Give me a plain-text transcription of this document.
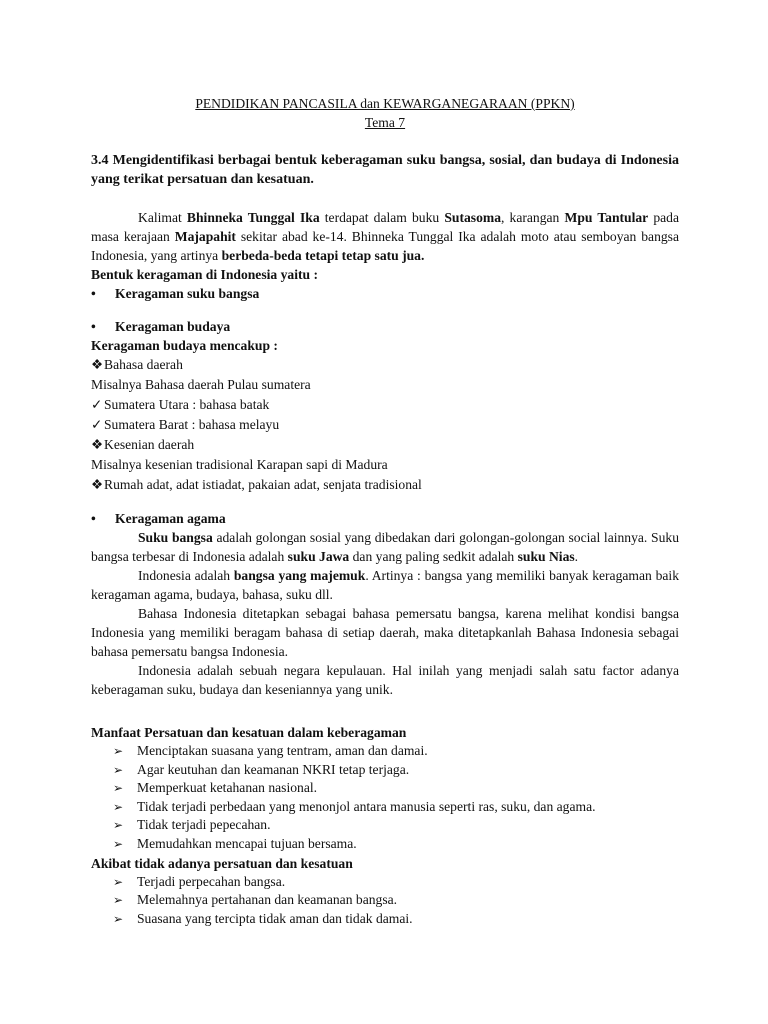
PENDIDIKAN PANCASILA dan KEWARGANEGARAAN (PPKN)

Tema 7

3.4 Mengidentifikasi berbagai bentuk keberagaman suku bangsa, sosial, dan budaya di Indonesia yang terikat persatuan dan kesatuan.

Kalimat Bhinneka Tunggal Ika terdapat dalam buku Sutasoma, karangan Mpu Tantular pada masa kerajaan Majapahit sekitar abad ke-14. Bhinneka Tunggal Ika adalah moto atau semboyan bangsa Indonesia, yang artinya berbeda-beda tetapi tetap satu jua.

Bentuk keragaman di Indonesia yaitu :

•	Keragaman suku bangsa
•	Keragaman budaya

Keragaman budaya mencakup :

❖ Bahasa daerah

Misalnya Bahasa daerah Pulau sumatera

✓ Sumatera Utara : bahasa batak
✓ Sumatera Barat : bahasa melayu
❖ Kesenian daerah

Misalnya kesenian tradisional Karapan sapi di Madura

❖ Rumah adat, adat istiadat, pakaian adat, senjata tradisional
•	Keragaman agama

Suku bangsa adalah golongan sosial yang dibedakan dari golongan-golongan social lainnya. Suku bangsa terbesar di Indonesia adalah suku Jawa dan yang paling sedkit adalah suku Nias.

Indonesia adalah bangsa yang majemuk. Artinya : bangsa yang memiliki banyak keragaman baik keragaman agama, budaya, bahasa, suku dll.

Bahasa Indonesia ditetapkan sebagai bahasa pemersatu bangsa, karena melihat kondisi bangsa Indonesia yang memiliki beragam bahasa di setiap daerah, maka ditetapkanlah Bahasa Indonesia sebagai bahasa pemersatu bangsa Indonesia.

Indonesia adalah sebuah negara kepulauan. Hal inilah yang menjadi salah satu factor adanya keberagaman suku, budaya dan keseniannya yang unik.

Manfaat Persatuan dan kesatuan dalam keberagaman

➢	Menciptakan suasana yang tentram, aman dan damai.
➢	Agar keutuhan dan keamanan NKRI tetap terjaga.
➢	Memperkuat ketahanan nasional.
➢	Tidak terjadi perbedaan yang menonjol antara manusia seperti ras, suku, dan agama.
➢	Tidak terjadi pepecahan.
➢	Memudahkan mencapai tujuan bersama.

Akibat tidak adanya persatuan dan kesatuan

➢	Terjadi perpecahan bangsa.
➢	Melemahnya pertahanan dan keamanan bangsa.
➢	Suasana yang tercipta tidak aman dan tidak damai.
